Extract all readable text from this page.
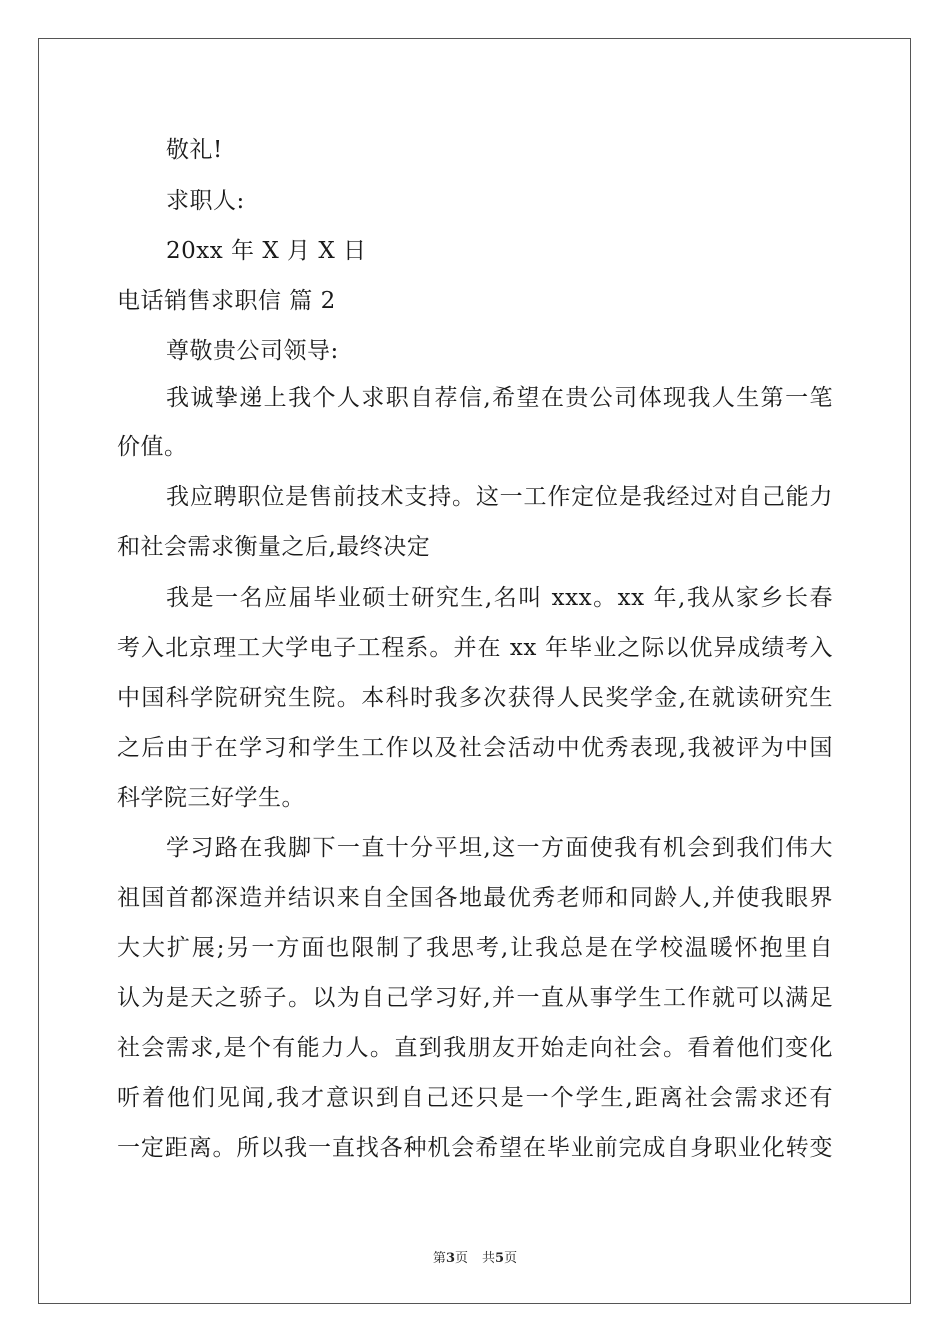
敬礼!
求职人:
20xx 年 X 月 X 日
电话销售求职信 篇 2
尊敬贵公司领导:
我诚挚递上我个人求职自荐信,希望在贵公司体现我人生第一笔
价值。
我应聘职位是售前技术支持。这一工作定位是我经过对自己能力
和社会需求衡量之后,最终决定
我是一名应届毕业硕士研究生,名叫 xxx。xx 年,我从家乡长春
考入北京理工大学电子工程系。并在 xx 年毕业之际以优异成绩考入
中国科学院研究生院。本科时我多次获得人民奖学金,在就读研究生
之后由于在学习和学生工作以及社会活动中优秀表现,我被评为中国
科学院三好学生。
学习路在我脚下一直十分平坦,这一方面使我有机会到我们伟大
祖国首都深造并结识来自全国各地最优秀老师和同龄人,并使我眼界
大大扩展;另一方面也限制了我思考,让我总是在学校温暖怀抱里自
认为是天之骄子。以为自己学习好,并一直从事学生工作就可以满足
社会需求,是个有能力人。直到我朋友开始走向社会。看着他们变化
听着他们见闻,我才意识到自己还只是一个学生,距离社会需求还有
一定距离。所以我一直找各种机会希望在毕业前完成自身职业化转变
第3页 共5页
